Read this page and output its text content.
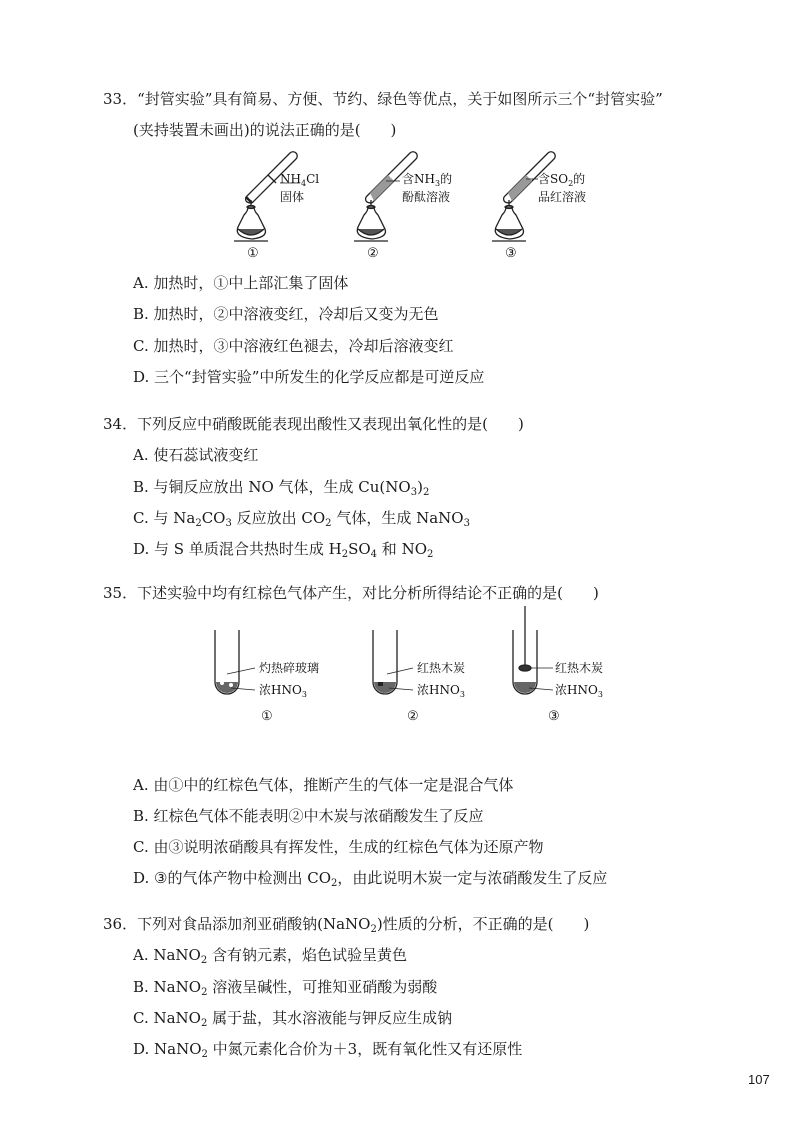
33．“封管实验”具有简易、方便、节约、绿色等优点，关于如图所示三个“封管实验”
(夹持装置未画出)的说法正确的是(　　)
$NH_4Cl$
固体
①
含$NH_3$的
酚酞溶液
②
含$SO_2$的
品红溶液
③
A. 加热时，①中上部汇集了固体
B. 加热时，②中溶液变红，冷却后又变为无色
C. 加热时，③中溶液红色褪去，冷却后溶液变红
D. 三个“封管实验”中所发生的化学反应都是可逆反应
34．下列反应中硝酸既能表现出酸性又表现出氧化性的是(　　)
A. 使石蕊试液变红
B. 与铜反应放出 NO 气体，生成 $Cu(NO_3)_2$
C. 与 $Na_2CO_3$ 反应放出 $CO_2$ 气体，生成 NaNO$_3$
D. 与 S 单质混合共热时生成 $H_2SO_4$ 和 $NO_2$
35．下述实验中均有红棕色气体产生，对比分析所得结论不正确的是(　　)
灼热碎玻璃
浓$HNO_3$
①
红热木炭
浓$HNO_3$
②
红热木炭
浓$HNO_3$
③
A. 由①中的红棕色气体，推断产生的气体一定是混合气体
B. 红棕色气体不能表明②中木炭与浓硝酸发生了反应
C. 由③说明浓硝酸具有挥发性，生成的红棕色气体为还原产物
D. ③的气体产物中检测出 $CO_2$，由此说明木炭一定与浓硝酸发生了反应
36．下列对食品添加剂亚硝酸钠(NaNO$_2$)性质的分析，不正确的是(　　)
A. NaNO$_2$ 含有钠元素，焰色试验呈黄色
B. NaNO$_2$ 溶液呈碱性，可推知亚硝酸为弱酸
C. NaNO$_2$ 属于盐，其水溶液能与钾反应生成钠
D. NaNO$_2$ 中氮元素化合价为＋3，既有氧化性又有还原性
107
